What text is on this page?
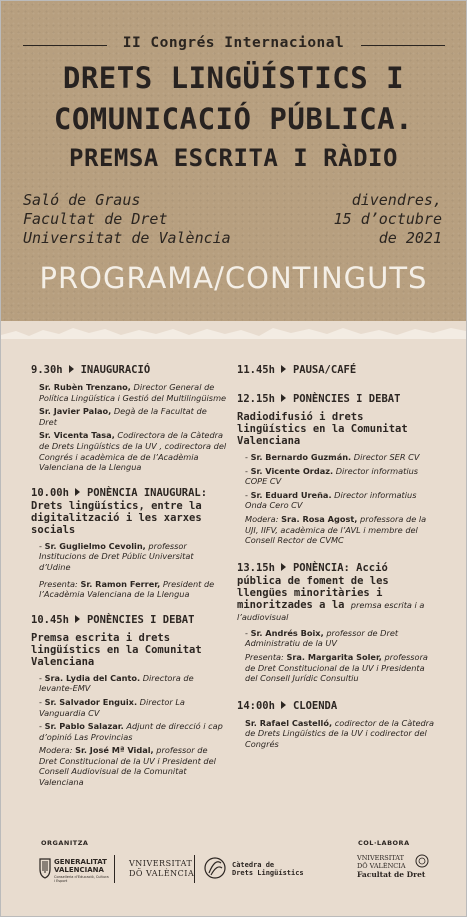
II Congrés Internacional
DRETS LINGÜÍSTICS I
COMUNICACIÓ PÚBLICA.
PREMSA ESCRITA I RÀDIO
Saló de Graus
Facultat de Dret
Universitat de València
divendres,
15 d’octubre
de 2021
PROGRAMA/CONTINGUTS
9.30h INAUGURACIÓ
Sr. Rubèn Trenzano, Director General de Política Lingüística i Gestió del Multilingüisme
Sr. Javier Palao, Degà de la Facultat de Dret
Sr. Vicenta Tasa, Codirectora de la Càtedra de Drets Lingüístics de la UV , codirectora del Congrés i acadèmica de de l’Acadèmia Valenciana de la Llengua
10.00h PONÈNCIA INAUGURAL:
Drets lingüístics, entre la digitalització i les xarxes socials
- Sr. Guglielmo Cevolin, professor Institucions de Dret Públic Universitat d’Udine
Presenta: Sr. Ramon Ferrer, President de l’Acadèmia Valenciana de la Llengua
10.45h PONÈNCIES I DEBAT
Premsa escrita i drets lingüístics en la Comunitat Valenciana
- Sra. Lydia del Canto. Directora de levante-EMV
- Sr. Salvador Enguix. Director La Vanguardia CV
- Sr. Pablo Salazar. Adjunt de direcció i cap d’opinió Las Provincias
Modera: Sr. José Mª Vidal, professor de Dret Constitucional de la UV i President del Consell Audiovisual de la Comunitat Valenciana
11.45h PAUSA/CAFÉ
12.15h PONÈNCIES I DEBAT
Radiodifusió i drets lingüístics en la Comunitat Valenciana
- Sr. Bernardo Guzmán. Director SER CV
- Sr. Vicente Ordaz. Director informatius COPE CV
- Sr. Eduard Ureña. Director informatius Onda Cero CV
Modera: Sra. Rosa Agost, professora de la UJI, IIFV, acadèmica de l’AVL i membre del Consell Rector de CVMC
13.15h PONÈNCIA: Acció
pública de foment de les llengües minoritàries i minoritzades a la premsa escrita i a l’audiovisual
- Sr. Andrés Boix, professor de Dret Administratiu de la UV
Presenta: Sra. Margarita Soler, professora de Dret Constitucional de la UV i Presidenta del Consell Jurídic Consultiu
14:00h CLOENDA
Sr. Rafael Castelló, codirector de la Càtedra de Drets Lingüístics de la UV i codirector del Congrés
ORGANITZA	COL·LABORA
GENERALITAT
VALENCIANA
Conselleria d’Educació, Cultura i Esport
VNIVERSITAT
DÖ VALÈNCIA
Càtedra de
Drets Lingüístics
VNIVERSITAT
DÖ VALÈNCIA
Facultat de Dret
